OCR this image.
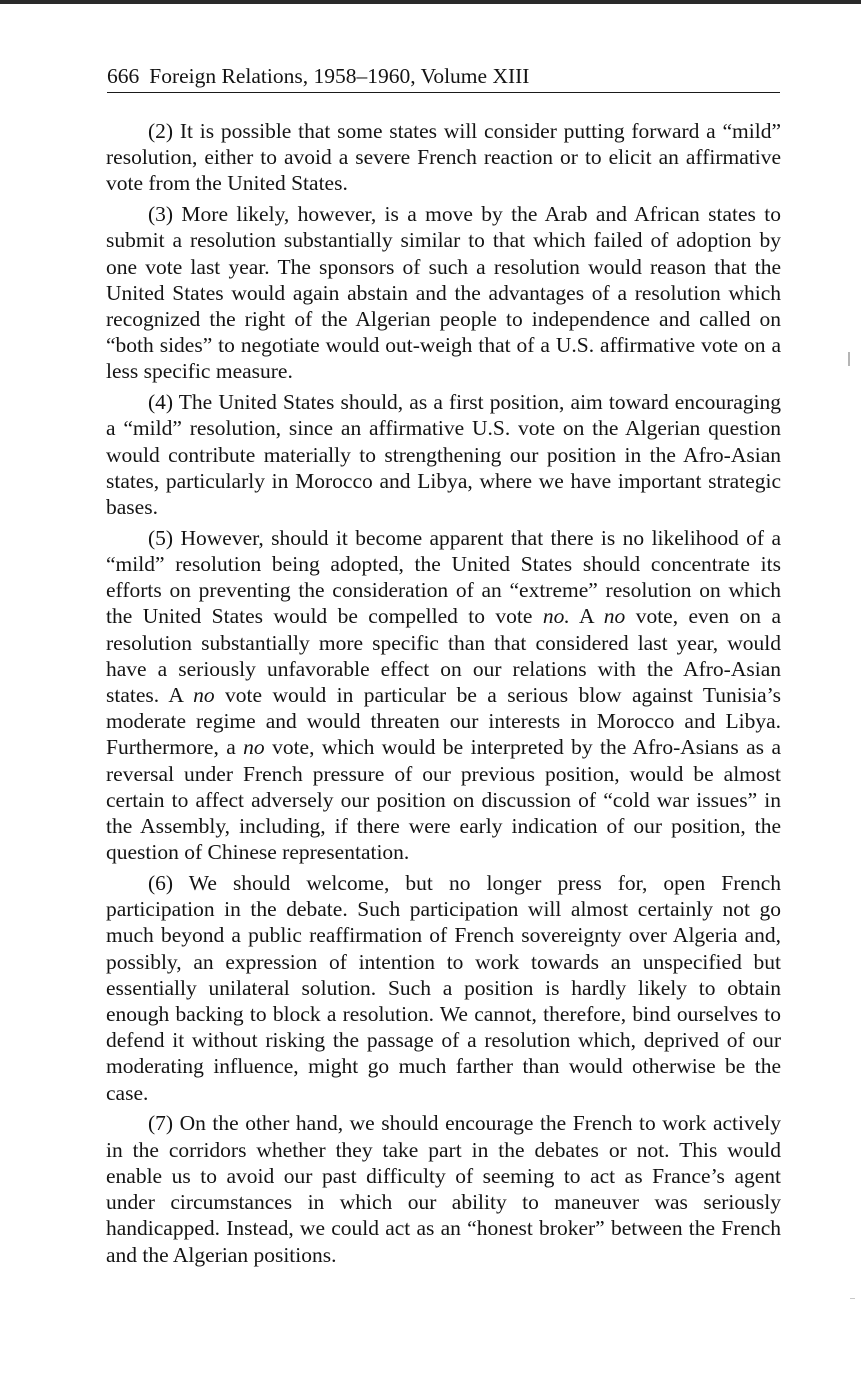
666 Foreign Relations, 1958–1960, Volume XIII

(2) It is possible that some states will consider putting forward a “mild” resolution, either to avoid a severe French reaction or to elicit an affirmative vote from the United States.

(3) More likely, however, is a move by the Arab and African states to submit a resolution substantially similar to that which failed of adoption by one vote last year. The sponsors of such a resolution would reason that the United States would again abstain and the advantages of a resolution which recognized the right of the Algerian people to independence and called on “both sides” to negotiate would out-weigh that of a U.S. affirmative vote on a less specific measure.

(4) The United States should, as a first position, aim toward encouraging a “mild” resolution, since an affirmative U.S. vote on the Algerian question would contribute materially to strengthening our position in the Afro-Asian states, particularly in Morocco and Libya, where we have important strategic bases.

(5) However, should it become apparent that there is no likelihood of a “mild” resolution being adopted, the United States should concentrate its efforts on preventing the consideration of an “extreme” resolution on which the United States would be compelled to vote no. A no vote, even on a resolution substantially more specific than that considered last year, would have a seriously unfavorable effect on our relations with the Afro-Asian states. A no vote would in particular be a serious blow against Tunisia’s moderate regime and would threaten our interests in Morocco and Libya. Furthermore, a no vote, which would be interpreted by the Afro-Asians as a reversal under French pressure of our previous position, would be almost certain to affect adversely our position on discussion of “cold war issues” in the Assembly, including, if there were early indication of our position, the question of Chinese representation.

(6) We should welcome, but no longer press for, open French participation in the debate. Such participation will almost certainly not go much beyond a public reaffirmation of French sovereignty over Algeria and, possibly, an expression of intention to work towards an unspecified but essentially unilateral solution. Such a position is hardly likely to obtain enough backing to block a resolution. We cannot, therefore, bind ourselves to defend it without risking the passage of a resolution which, deprived of our moderating influence, might go much farther than would otherwise be the case.

(7) On the other hand, we should encourage the French to work actively in the corridors whether they take part in the debates or not. This would enable us to avoid our past difficulty of seeming to act as France’s agent under circumstances in which our ability to maneuver was seriously handicapped. Instead, we could act as an “honest broker” between the French and the Algerian positions.
